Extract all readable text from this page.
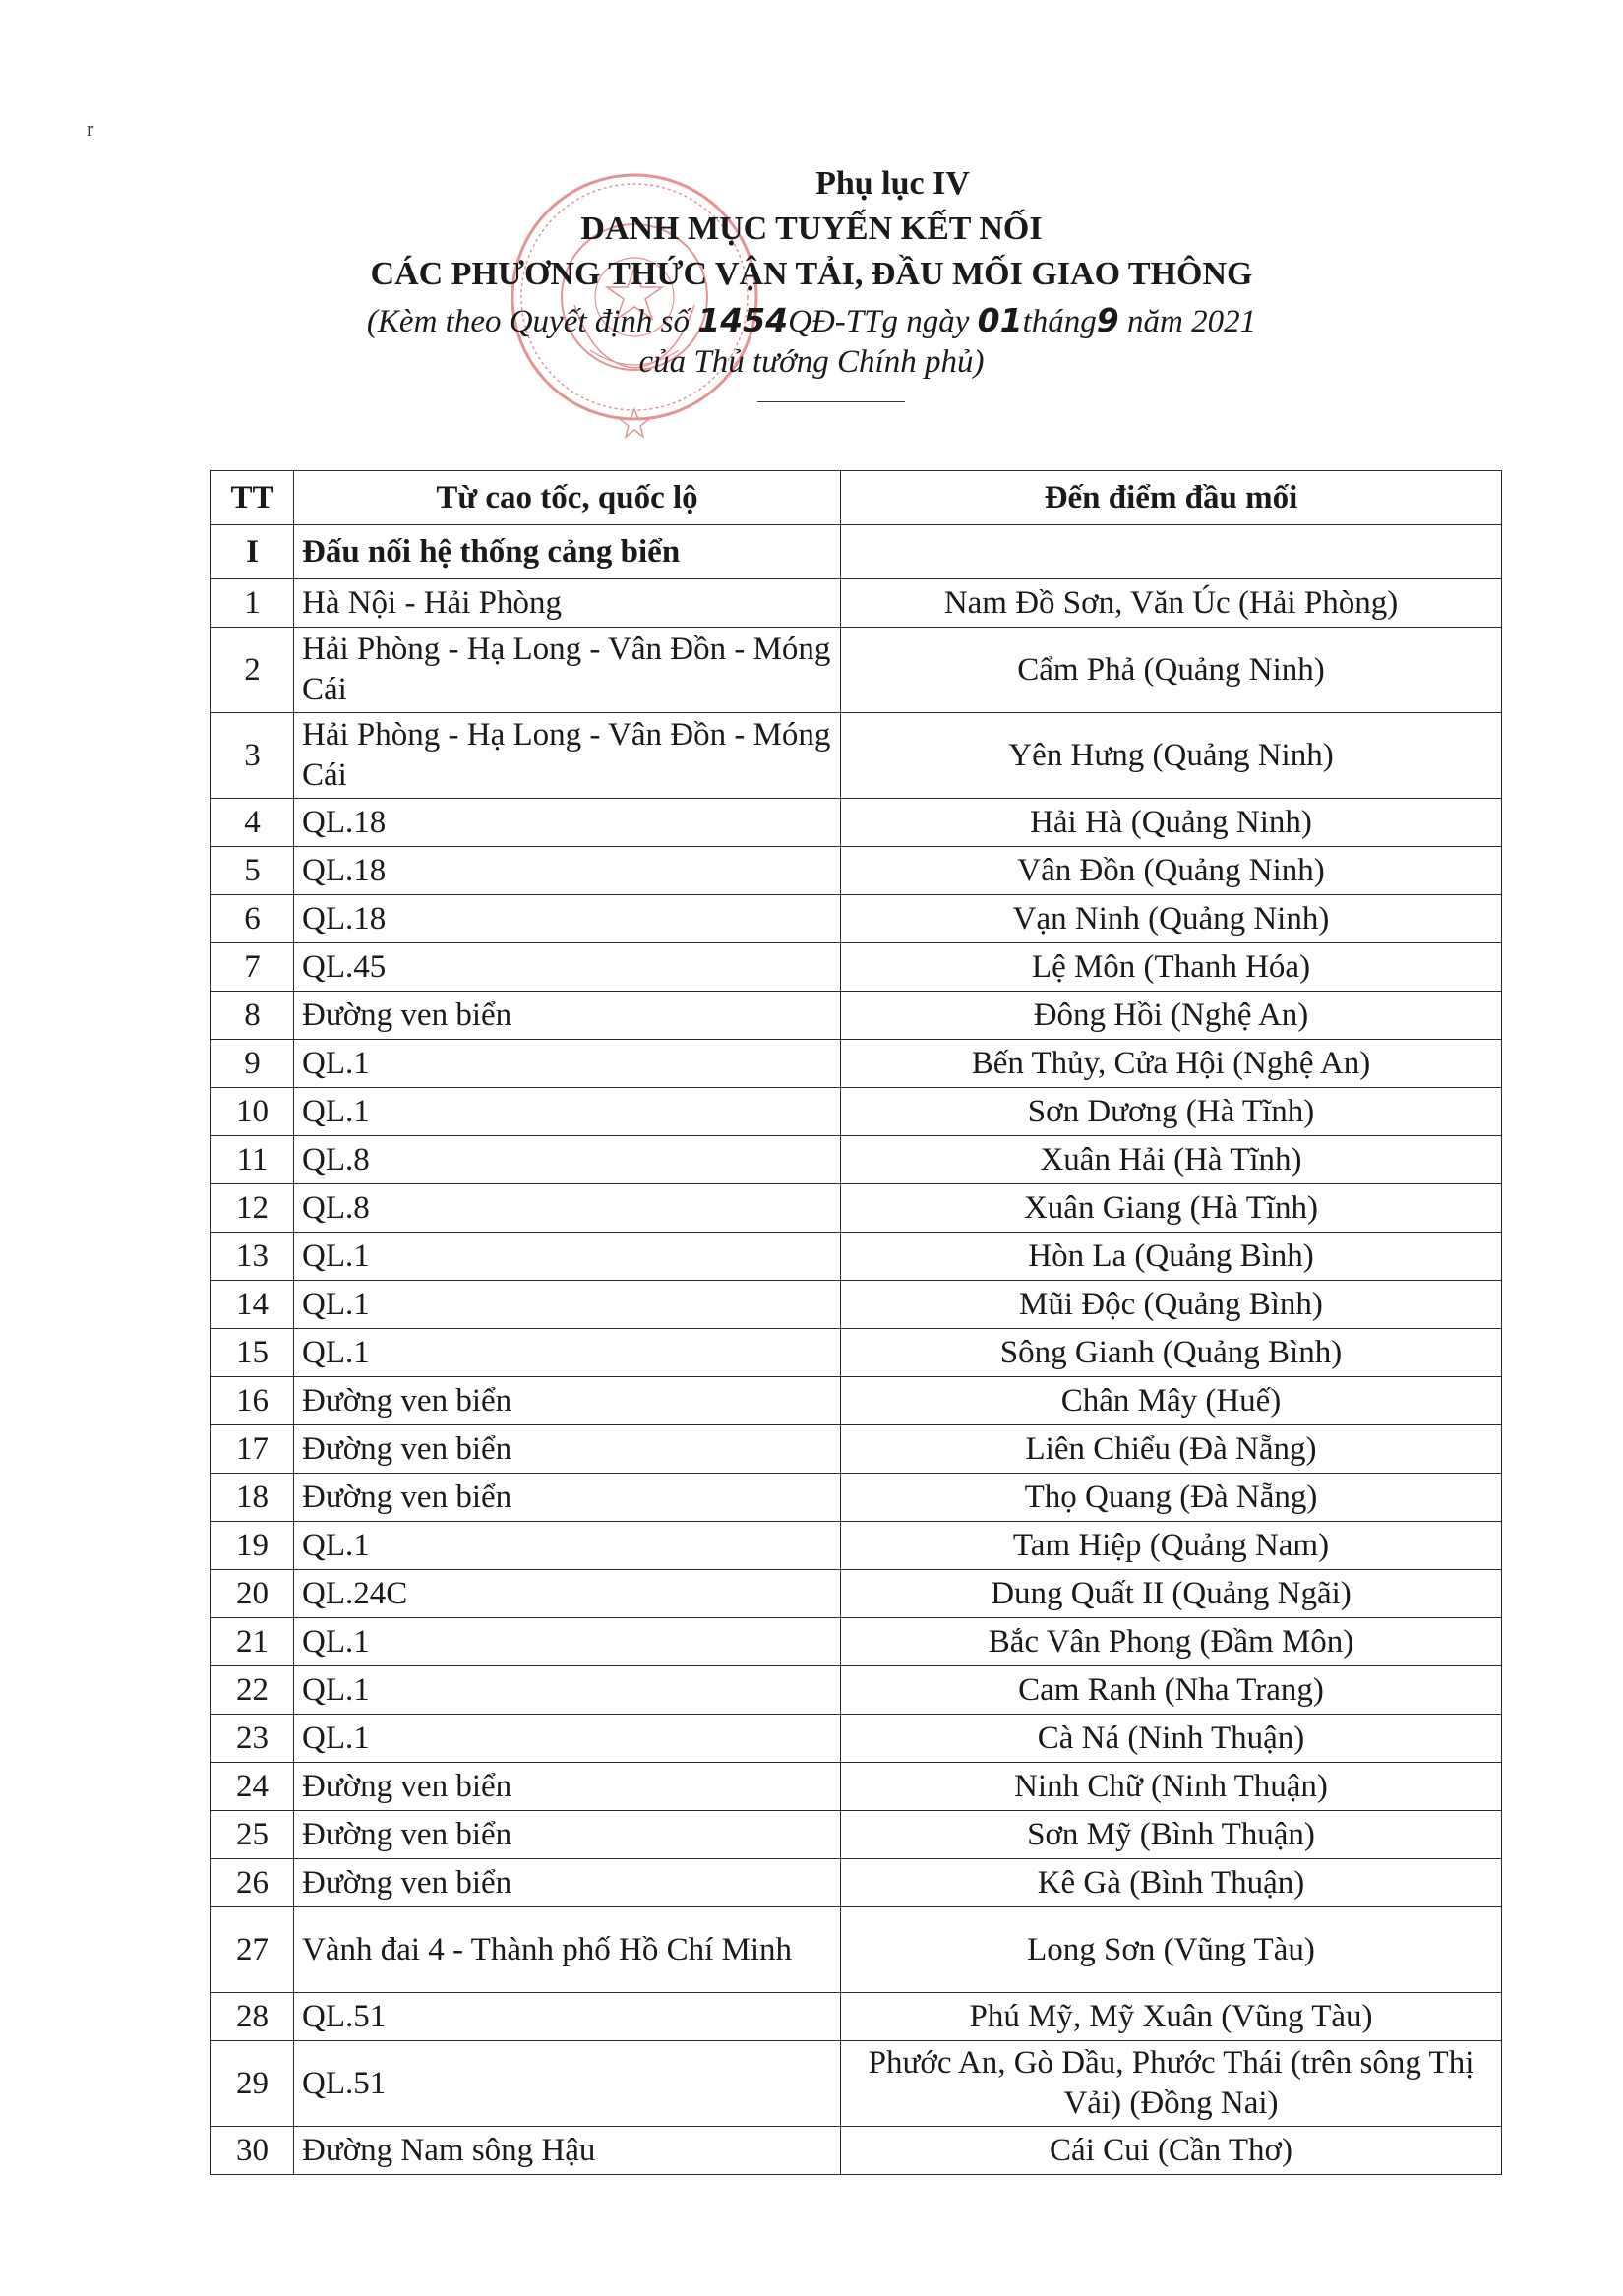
r
Phụ lục IV
DANH MỤC TUYẾN KẾT NỐI
CÁC PHƯƠNG THỨC VẬN TẢI, ĐẦU MỐI GIAO THÔNG
(Kèm theo Quyết định số 1454QĐ-TTg ngày 01tháng9 năm 2021
của Thủ tướng Chính phủ)
TT	Từ cao tốc, quốc lộ	Đến điểm đầu mối
I	Đấu nối hệ thống cảng biển	
1	Hà Nội - Hải Phòng	Nam Đồ Sơn, Văn Úc (Hải Phòng)
2	Hải Phòng - Hạ Long - Vân Đồn - Móng Cái	Cẩm Phả (Quảng Ninh)
3	Hải Phòng - Hạ Long - Vân Đồn - Móng Cái	Yên Hưng (Quảng Ninh)
4	QL.18	Hải Hà (Quảng Ninh)
5	QL.18	Vân Đồn (Quảng Ninh)
6	QL.18	Vạn Ninh (Quảng Ninh)
7	QL.45	Lệ Môn (Thanh Hóa)
8	Đường ven biển	Đông Hồi (Nghệ An)
9	QL.1	Bến Thủy, Cửa Hội (Nghệ An)
10	QL.1	Sơn Dương (Hà Tĩnh)
11	QL.8	Xuân Hải (Hà Tĩnh)
12	QL.8	Xuân Giang (Hà Tĩnh)
13	QL.1	Hòn La (Quảng Bình)
14	QL.1	Mũi Độc (Quảng Bình)
15	QL.1	Sông Gianh (Quảng Bình)
16	Đường ven biển	Chân Mây (Huế)
17	Đường ven biển	Liên Chiểu (Đà Nẵng)
18	Đường ven biển	Thọ Quang (Đà Nẵng)
19	QL.1	Tam Hiệp (Quảng Nam)
20	QL.24C	Dung Quất II (Quảng Ngãi)
21	QL.1	Bắc Vân Phong (Đầm Môn)
22	QL.1	Cam Ranh (Nha Trang)
23	QL.1	Cà Ná (Ninh Thuận)
24	Đường ven biển	Ninh Chữ (Ninh Thuận)
25	Đường ven biển	Sơn Mỹ (Bình Thuận)
26	Đường ven biển	Kê Gà (Bình Thuận)
27	Vành đai 4 - Thành phố Hồ Chí Minh	Long Sơn (Vũng Tàu)
28	QL.51	Phú Mỹ, Mỹ Xuân (Vũng Tàu)
29	QL.51	Phước An, Gò Dầu, Phước Thái (trên sông Thị Vải) (Đồng Nai)
30	Đường Nam sông Hậu	Cái Cui (Cần Thơ)
